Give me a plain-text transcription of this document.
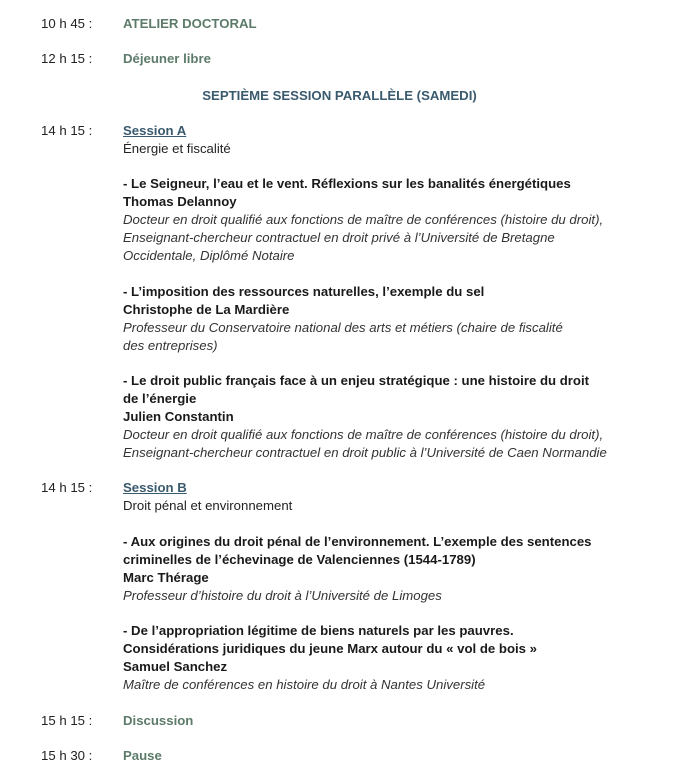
10 h 45 :	ATELIER DOCTORAL
12 h 15 :	Déjeuner libre
SEPTIÈME SESSION PARALLÈLE (SAMEDI)
14 h 15 :	Session A
Énergie et fiscalité
- Le Seigneur, l’eau et le vent. Réflexions sur les banalités énergétiques
Thomas Delannoy
Docteur en droit qualifié aux fonctions de maître de conférences (histoire du droit),
Enseignant-chercheur contractuel en droit privé à l’Université de Bretagne
Occidentale, Diplômé Notaire
- L’imposition des ressources naturelles, l’exemple du sel
Christophe de La Mardière
Professeur du Conservatoire national des arts et métiers (chaire de fiscalité
des entreprises)
- Le droit public français face à un enjeu stratégique : une histoire du droit
de l’énergie
Julien Constantin
Docteur en droit qualifié aux fonctions de maître de conférences (histoire du droit),
Enseignant-chercheur contractuel en droit public à l’Université de Caen Normandie
14 h 15 :	Session B
Droit pénal et environnement
- Aux origines du droit pénal de l’environnement. L’exemple des sentences
criminelles de l’échevinage de Valenciennes (1544-1789)
Marc Thérage
Professeur d’histoire du droit à l’Université de Limoges
- De l’appropriation légitime de biens naturels par les pauvres.
Considérations juridiques du jeune Marx autour du « vol de bois »
Samuel Sanchez
Maître de conférences en histoire du droit à Nantes Université
15 h 15 :	Discussion
15 h 30 :	Pause
